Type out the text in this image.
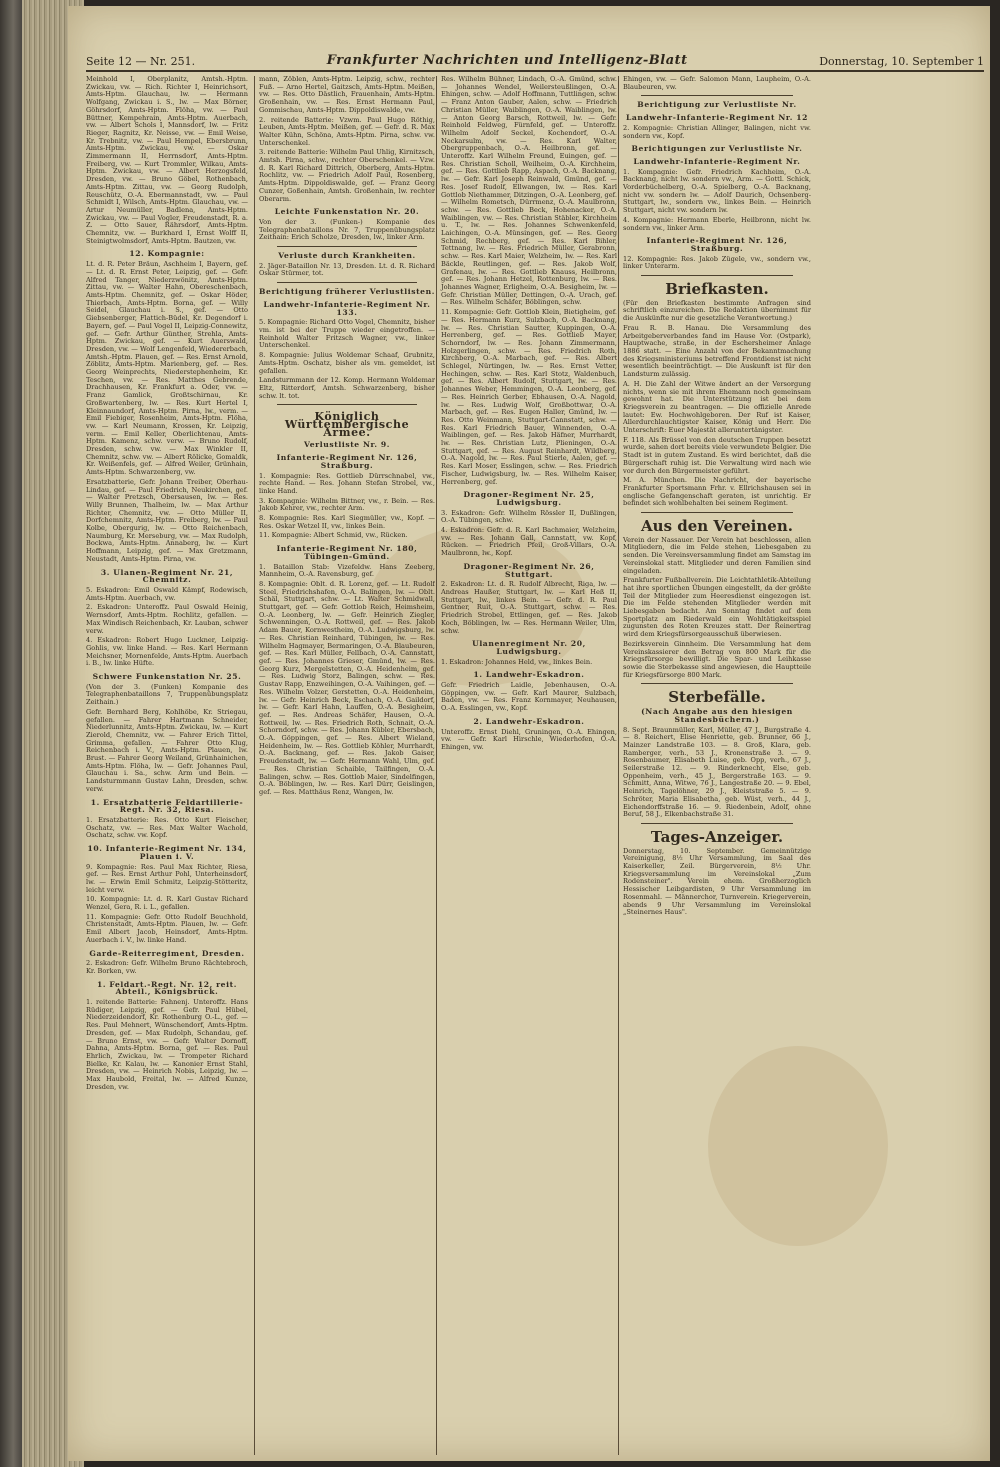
Seite 12 — Nr. 251.	Frankfurter Nachrichten und Intelligenz-Blatt	Donnerstag, 10. September 1

Meinhold I, Oberplanitz, Amtsh.-Hptm. Zwickau, vw. — Rich. Richter I, Heinrichsort, Amts-Hptm. Glauchau, lw. — Hermann Wolfgang, Zwickau i. S., lw. — Max Börner, Göhrsdorf, Amts-Hptm. Flöha, vw. — Paul Büttner, Kempehrain, Amts-Hptm. Auerbach, vw. — Albert Schols I, Mannsdorf, lw. — Fritz Rieger, Ragnitz, Kr. Neisse, vw. — Emil Weise, Kr. Trebnitz, vw. — Paul Hempel, Ebersbrunn, Amts-Hptm. Zwickau, vw. — Oskar Zimmermann II, Herrnsdorf, Amts-Hptm. Freiberg, vw. — Kurt Trommler, Wilkau, Amts-Hptm. Zwickau, vw. — Albert Herzogsfeld, Dresden, vw. — Bruno Göbel, Rothenbach, Amts-Hptm. Zittau, vw. — Georg Rudolph, Reuschütz, O.-A. Ebermannstadt, vw. — Paul Schmidt I, Wilsch, Amts-Hptm. Glauchau, vw. — Artur Neumüller, Badlena, Amts-Hptm. Zwickau, vw. — Paul Vogler, Freudenstadt, R. a. Z. — Otto Sauer, Rährsdorf, Amts-Hptm. Chemnitz, vw. — Burkhard I, Ernst Wolff II, Steinigtwolmsdorf, Amts-Hptm. Bautzen, vw.

12. Kompagnie:

Lt. d. R. Peter Bräun, Aschheim I, Bayern, gef. — Lt. d. R. Ernst Peter, Leipzig, gef. — Gefr. Alfred Tanger, Niederzwönitz, Amts-Hptm. Zittau, vw. — Walter Hahn, Obereschenbach, Amts-Hptm. Chemnitz, gef. — Oskar Höder, Thierbach, Amts-Hptm. Borna, gef. — Willy Seidel, Glauchau i. S., gef. — Otto Giebsenberger, Flattich-Büdel, Kr. Degendorf i. Bayern, gef. — Paul Vogel II, Leipzig-Connewitz, gef. — Gefr. Arthur Günther, Strehla, Amts-Hptm. Zwickau, gef. — Kurt Auerswald, Dresden, vw. — Wolf Lengenfeld, Wiedererbach, Amtsh.-Hptm. Plauen, gef. — Res. Ernst Arnold, Zöblitz, Amts-Hptm. Marienberg, gef. — Res. Georg Weinprechts, Niederstephenheim, Kr. Teschen, vw. — Res. Matthes Gebrende, Drachhausen, Kr. Frankfurt a. Oder, vw. — Franz Gamlick, Großtschirnau, Kr. Großwartenberg, lw. — Res. Kurt Hertel I, Kleinnaundorf, Amts-Hptm. Pirna, lw., verm. — Emil Fiebiger, Rosenheim, Amts-Hptm. Flöha, vw. — Karl Neumann, Krossen, Kr. Leipzig, verm. — Emil Keller, Oberlichtenau, Amts-Hptm. Kamenz, schw. verw. — Bruno Rudolf, Dresden, schw. vw. — Max Winkler II, Chemnitz, schw. vw. — Albert Rölicke, Gomaldk, Kr. Weißenfels, gef. — Alfred Weiler, Grünhain, Amts-Hptm. Schwarzenberg, vw.

Ersatzbatterie, Gefr. Johann Treiber, Oberhau-Lindau, gef. — Paul Friedrich, Neukirchen, gef. — Walter Pretzsch, Obersausen, lw. — Res. Willy Brunnen, Thalheim, lw. — Max Arthur Richter, Chemnitz, vw. — Otto Müller II, Dorfchemnitz, Amts-Hptm. Freiberg, lw. — Paul Kolbe, Obergurig, lw. — Otto Reichenbach, Naumburg, Kr. Merseburg, vw. — Max Rudolph, Bockwa, Amts-Hptm. Annaberg, lw. — Kurt Hoffmann, Leipzig, gef. — Max Gretzmann, Neustadt, Amts-Hptm. Pirna, vw.

3. Ulanen-Regiment Nr. 21, Chemnitz.

5. Eskadron: Emil Oswald Kämpf, Rodewisch, Amts-Hptm. Auerbach, vw.

2. Eskadron: Unteroffz. Paul Oswald Heinig, Wernsdorf, Amts-Hptm. Rochlitz, gefallen. — Max Windisch Reichenbach, Kr. Lauban, schwer verw.

4. Eskadron: Robert Hugo Luckner, Leipzig-Gohlis, vw. linke Hand. — Res. Karl Hermann Meichsner, Mornenfelde, Amts-Hptm. Auerbach i. B., lw. linke Hüfte.

Schwere Funkenstation Nr. 25.

(Von der 3. (Funken) Kompanie des Telegraphenbataillons 7, Truppenübungsplatz Zeithain.)

Gefr. Bernhard Berg, Kohlhöbe, Kr. Striegau, gefallen. — Fahrer Hartmann Schneider, Niederlunnitz, Amts-Hptm. Zwickau, lw. — Kurt Zierold, Chemnitz, vw. — Fahrer Erich Tittel, Grimma, gefallen. — Fahrer Otto Klug, Reichenbach i. V., Amts-Hptm. Plauen, lw. Brust. — Fahrer Georg Weiland, Grünhainichen, Amts-Hptm. Flöha, lw. — Gefr. Johannes Paul, Glauchau i. Sa., schw. Arm und Bein. — Landsturmmann Gustav Lahn, Dresden, schw. verw.

1. Ersatzbatterie Feldartillerie-Regt. Nr. 32, Riesa.

1. Ersatzbatterie: Res. Otto Kurt Fleischer, Oschatz, vw. — Res. Max Walter Wachold, Oschatz, schw. vw. Kopf.

10. Infanterie-Regiment Nr. 134, Plauen i. V.

9. Kompagnie: Res. Paul Max Richter, Riesa, gef. — Res. Ernst Arthur Pohl, Unterheinsdorf, lw. — Erwin Emil Schmitz, Leipzig-Stötteritz, leicht verw.

10. Kompagnie: Lt. d. R. Karl Gustav Richard Wenzel, Gera, R. i. L., gefallen.

11. Kompagnie: Gefr. Otto Rudolf Beuchhold, Christenstadt, Amts-Hptm. Plauen, lw. — Gefr. Emil Albert Jacob, Heinsdorf, Amts-Hptm. Auerbach i. V., lw. linke Hand.

Garde-Reiterregiment, Dresden.

2. Eskadron: Gefr. Wilhelm Bruno Rächtebroch, Kr. Borken, vw.

1. Feldart.-Regt. Nr. 12, reit. Abteil., Königsbrück.

1. reitende Batterie: Fahnenj. Unteroffz. Hans Rüdiger, Leipzig, gef. — Gefr. Paul Hübel, Niederzeidendorf, Kr. Rothenburg O.-L., gef. — Res. Paul Mehnert, Wünschendorf, Amts-Hptm. Dresden, gef. — Max Rudolph, Schandau, gef. — Bruno Ernst, vw. — Gefr. Walter Dornoff, Dahna, Amts-Hptm. Borna, gef. — Res. Paul Ehrlich, Zwickau, lw. — Trompeter Richard Bielke, Kr. Kalau, lw. — Kanonier Ernst Stahl, Dresden, vw. — Heinrich Nobis, Leipzig, lw. — Max Haubold, Freital, lw. — Alfred Kunze, Dresden, vw.

mann, Zöblen, Amts-Hptm. Leipzig, schw., rechter Fuß. — Arno Hertel, Gaitzsch, Amts-Hptm. Meißen, vw. — Res. Otto Dästlich, Frauenhain, Amts-Hptm. Großenhain, vw. — Res. Ernst Hermann Paul, Gommischau, Amts-Hptm. Dippoldiswalde, vw.

2. reitende Batterie: Vzwm. Paul Hugo Röthig, Leuben, Amts-Hptm. Meißen, gef. — Gefr. d. R. Max Walter Kühn, Schöna, Amts-Hptm. Pirna, schw. vw. Unterschenkel.

3. reitende Batterie: Wilhelm Paul Uhlig, Kirnitzsch, Amtsh. Pirna, schw., rechter Oberschenkel. — Vzw. d. R. Karl Richard Dittrich, Oberberg, Amts-Hptm. Rochlitz, vw. — Friedrich Adolf Paul, Rosenberg, Amts-Hptm. Dippoldiswalde, gef. — Franz Georg Cunzer, Goßenhain, Amtsh. Großenhain, lw. rechter Oberarm.

Leichte Funkenstation Nr. 20.

Von der 3. (Funken-) Kompanie des Telegraphenbataillons Nr. 7, Truppenübungsplatz Zeithain: Erich Scholze, Dresden, lw., linker Arm.

Verluste durch Krankheiten.

2. Jäger-Bataillon Nr. 13, Dresden. Lt. d. R. Richard Oskar Stürmer, tot.

Berichtigung früherer Verlustlisten.
Landwehr-Infanterie-Regiment Nr. 133.

5. Kompagnie: Richard Otto Vogel, Chemnitz, bisher vm. ist bei der Truppe wieder eingetroffen. — Reinhold Walter Fritzsch Wagner, vw., linker Unterschenkel.

8. Kompagnie: Julius Woldemar Schaaf, Grubnitz, Amts-Hptm. Oschatz, bisher als vm. gemeldet, ist gefallen.

Landsturmmann der 12. Komp. Hermann Woldemar Eltz, Ritterdorf, Amtsh. Schwarzenberg, bisher schw. lt. tot.

Königlich Württembergische Armee.
Verlustliste Nr. 9.
Infanterie-Regiment Nr. 126, Straßburg.

1. Kompagnie: Res. Gottlieb Dürrschnabel, vw., rechte Hand. — Res. Johann Stefan Strobel, vw., linke Hand.

3. Kompagnie: Wilhelm Bittner, vw., r. Bein. — Res. Jakob Kehrer, vw., rechter Arm.

8. Kompagnie: Res. Karl Siegmüller, vw., Kopf. — Res. Oskar Wetzel II, vw., linkes Bein.

11. Kompagnie: Albert Schmid, vw., Rücken.

Infanterie-Regiment Nr. 180, Tübingen-Gmünd.

1. Bataillon Stab: Vizefeldw. Hans Zeeberg, Mannheim, O.-A. Ravensburg, gef.

8. Kompagnie: Oblt. d. R. Lorenz, gef. — Lt. Rudolf Steel, Friedrichshafen, O.-A. Balingen, lw. — Oblt. Schäl, Stuttgart, schw. — Lt. Walter Schmidwall, Stuttgart, gef. — Gefr. Gottlob Reich, Heimsheim, O.-A. Leonberg, lw. — Gefr. Heinrich Ziegler, Schwenningen, O.-A. Rottweil, gef. — Res. Jakob Adam Bauer, Kornwestheim, O.-A. Ludwigsburg, lw. — Res. Christian Reinhard, Tübingen, lw. — Res. Wilhelm Hagmayer, Bermaringen, O.-A. Blaubeuren, gef. — Res. Karl Müller, Fellbach, O.-A. Cannstatt, gef. — Res. Johannes Grieser, Gmünd, lw. — Res. Georg Kurz, Mergelstetten, O.-A. Heidenheim, gef. — Res. Ludwig Storz, Balingen, schw. — Res. Gustav Rapp, Enzweihingen, O.-A. Vaihingen, gef. — Res. Wilhelm Volzer, Gerstetten, O.-A. Heidenheim, lw. — Gefr. Heinrich Beck, Eschach, O.-A. Gaildorf, lw. — Gefr. Karl Hahn, Lauffen, O.-A. Besigheim, gef. — Res. Andreas Schäfer, Hausen, O.-A. Rottweil, lw. — Res. Friedrich Roth, Schnait, O.-A. Schorndorf, schw. — Res. Johann Kübler, Ebersbach, O.-A. Göppingen, gef. — Res. Albert Wieland, Heidenheim, lw. — Res. Gottlieb Köhler, Murrhardt, O.-A. Backnang, gef. — Res. Jakob Gaiser, Freudenstadt, lw. — Gefr. Hermann Wahl, Ulm, gef. — Res. Christian Schaible, Tailfingen, O.-A. Balingen, schw. — Res. Gottlob Maier, Sindelfingen, O.-A. Böblingen, lw. — Res. Karl Dürr, Geislingen, gef. — Res. Matthäus Renz, Wangen, lw.

Res. Wilhelm Bühner, Lindach, O.-A. Gmünd, schw. — Johannes Wendel, Weilersteußlingen, O.-A. Ehingen, schw. — Adolf Hoffmann, Tuttlingen, schw. — Franz Anton Gauber, Aalen, schw. — Friedrich Christian Müller, Waiblingen, O.-A. Waiblingen, lw. — Anton Georg Barsch, Rottweil, lw. — Gefr. Reinhold Feldweg, Fürnfeld, gef. — Unteroffz. Wilhelm Adolf Seckel, Kochendorf, O.-A. Neckarsulm, vw. — Res. Karl Walter, Obergruppenbach, O.-A. Heilbronn, gef. — Unteroffz. Karl Wilhelm Freund, Euingen, gef. — Res. Christian Scholl, Weilheim, O.-A. Kirchheim, gef. — Res. Gottlieb Rapp, Aspach, O.-A. Backnang, lw. — Gefr. Karl Joseph Reinwald, Gmünd, gef. — Res. Josef Rudolf, Ellwangen, lw. — Res. Karl Gottlob Niethammer, Ditzingen, O.-A. Leonberg, gef. — Wilhelm Rometsch, Dürrmenz, O.-A. Maulbronn, schw. — Res. Gottlieb Beck, Hohenacker, O.-A. Waiblingen, vw. — Res. Christian Stäbler, Kirchheim u. T., lw. — Res. Johannes Schwenkenfeld, Laichingen, O.-A. Münsingen, gef. — Res. Georg Schmid, Rechberg, gef. — Res. Karl Bihler, Tettnang, lw. — Res. Friedrich Müller, Gerabronn, schw. — Res. Karl Maier, Welzheim, lw. — Res. Karl Bäckle, Reutlingen, gef. — Res. Jakob Wolf, Grafenau, lw. — Res. Gottlieb Knauss, Heilbronn, gef. — Res. Johann Hetzel, Rottenburg, lw. — Res. Johannes Wagner, Erligheim, O.-A. Besigheim, lw. — Gefr. Christian Müller, Dettingen, O.-A. Urach, gef. — Res. Wilhelm Schäfer, Böblingen, schw.

11. Kompagnie: Gefr. Gottlob Klein, Bietigheim, gef. — Res. Hermann Kurz, Sulzbach, O.-A. Backnang, lw. — Res. Christian Sautter, Kuppingen, O.-A. Herrenberg, gef. — Res. Gottlieb Mayer, Schorndorf, lw. — Res. Johann Zimmermann, Holzgerlingen, schw. — Res. Friedrich Roth, Kirchberg, O.-A. Marbach, gef. — Res. Albert Schlegel, Nürtingen, lw. — Res. Ernst Vetter, Hechingen, schw. — Res. Karl Stotz, Waldenbuch, gef. — Res. Albert Rudolf, Stuttgart, lw. — Res. Johannes Weber, Hemmingen, O.-A. Leonberg, gef. — Res. Heinrich Gerber, Ebhausen, O.-A. Nagold, lw. — Res. Ludwig Wolf, Großbottwar, O.-A. Marbach, gef. — Res. Eugen Haller, Gmünd, lw. — Res. Otto Weinmann, Stuttgart-Cannstatt, schw. — Res. Karl Friedrich Bauer, Winnenden, O.-A. Waiblingen, gef. — Res. Jakob Häfner, Murrhardt, lw. — Res. Christian Lutz, Plieningen, O.-A. Stuttgart, gef. — Res. August Reinhardt, Wildberg, O.-A. Nagold, lw. — Res. Paul Stierle, Aalen, gef. — Res. Karl Moser, Esslingen, schw. — Res. Friedrich Fischer, Ludwigsburg, lw. — Res. Wilhelm Kaiser, Herrenberg, gef.

Dragoner-Regiment Nr. 25, Ludwigsburg.

3. Eskadron: Gefr. Wilhelm Rössler II, Dußlingen, O.-A. Tübingen, schw.

4. Eskadron: Gefr. d. R. Karl Bachmaier, Welzheim, vw. — Res. Johann Gall, Cannstatt, vw. Kopf, Rücken. — Friedrich Pfeil, Groß-Villars, O.-A. Maulbronn, lw., Kopf.

Dragoner-Regiment Nr. 26, Stuttgart.

2. Eskadron: Lt. d. R. Rudolf Albrecht, Riga, lw. — Andreas Haußer, Stuttgart, lw. — Karl Heß II, Stuttgart, lw., linkes Bein. — Gefr. d. R. Paul Gentner, Ruit, O.-A. Stuttgart, schw. — Res. Friedrich Strobel, Ettlingen, gef. — Res. Jakob Koch, Böblingen, lw. — Res. Hermann Weiler, Ulm, schw.

Ulanenregiment Nr. 20, Ludwigsburg.

1. Eskadron: Johannes Held, vw., linkes Bein.

1. Landwehr-Eskadron.

Gefr. Friedrich Laidle, Jebenhausen, O.-A. Göppingen, vw. — Gefr. Karl Maurer, Sulzbach, Baden, vw. — Res. Franz Kornmayer, Neuhausen, O.-A. Esslingen, vw., Kopf.

2. Landwehr-Eskadron.

Unteroffz. Ernst Diehl, Gruningen, O.-A. Ehingen, vw. — Gefr. Karl Hirschle, Wiederhofen, O.-A. Ehingen, vw.

Ehingen, vw. — Gefr. Salomon Mann, Laupheim, O.-A. Blaubeuren, vw.

Berichtigung zur Verlustliste Nr.
Landwehr-Infanterie-Regiment Nr. 12

2. Kompagnie: Christian Allinger, Balingen, nicht vw. sondern vw., Kopf.

Berichtigungen zur Verlustliste Nr.
Landwehr-Infanterie-Regiment Nr.

1. Kompagnie: Gefr. Friedrich Kachheim, O.-A. Backnang, nicht lw. sondern vw., Arm. — Gottl. Schick, Vorderbüchelberg, O.-A. Spielberg, O.-A. Backnang, nicht vw. sondern lw. — Adolf Daurich, Ochsenberg-Stuttgart, lw., sondern vw., linkes Bein. — Heinrich Stuttgart, nicht vw. sondern lw.

4. Kompagnie: Hermann Eberle, Heilbronn, nicht lw. sondern vw., linker Arm.

Infanterie-Regiment Nr. 126, Straßburg.

12. Kompagnie: Res. Jakob Zügele, vw., sondern vw., linker Unterarm.

Briefkasten.

(Für den Briefkasten bestimmte Anfragen sind schriftlich einzureichen. Die Redaktion übernimmt für die Auskünfte nur die gesetzliche Verantwortung.)

Frau R. B. Hanau. Die Versammlung des Arbeitgeberverbandes fand im Hause Vor. (Ostpark), Hauptwache, straße, in der Eschersheimer Anlage 1886 statt. — Eine Anzahl von der Bekanntmachung des Kriegsministeriums betreffend Frontdienst ist nicht wesentlich beeinträchtigt. — Die Auskunft ist für den Landsturm zulässig.

A. H. Die Zahl der Witwe ändert an der Versorgung nichts, wenn sie mit ihrem Ehemann noch gemeinsam gewohnt hat. Die Unterstützung ist bei dem Kriegsverein zu beantragen. — Die offizielle Anrede lautet: Ew. Hochwohlgeboren. Der Ruf ist Kaiser, Allerdurchlauchtigster Kaiser, König und Herr. Die Unterschrift: Euer Majestät alleruntertänigster.

F. 118. Als Brüssel von den deutschen Truppen besetzt wurde, sahen dort bereits viele verwundete Belgier. Die Stadt ist in gutem Zustand. Es wird berichtet, daß die Bürgerschaft ruhig ist. Die Verwaltung wird nach wie vor durch den Bürgermeister geführt.

M. A. München. Die Nachricht, der bayerische Frankfurter Sportsmann Frhr. v. Ellrichshausen sei in englische Gefangenschaft geraten, ist unrichtig. Er befindet sich wohlbehalten bei seinem Regiment.

Aus den Vereinen.

Verein der Nassauer. Der Verein hat beschlossen, allen Mitgliedern, die im Felde stehen, Liebesgaben zu senden. Die Vereinsversammlung findet am Samstag im Vereinslokal statt. Mitglieder und deren Familien sind eingeladen.

Frankfurter Fußballverein. Die Leichtathletik-Abteilung hat ihre sportlichen Übungen eingestellt, da der größte Teil der Mitglieder zum Heeresdienst eingezogen ist. Die im Felde stehenden Mitglieder werden mit Liebesgaben bedacht. Am Sonntag findet auf dem Sportplatz am Riederwald ein Wohltätigkeitsspiel zugunsten des Roten Kreuzes statt. Der Reinertrag wird dem Kriegsfürsorgeausschuß überwiesen.

Bezirksverein Ginnheim. Die Versammlung hat dem Vereinskassierer den Betrag von 800 Mark für die Kriegsfürsorge bewilligt. Die Spar- und Leihkasse sowie die Sterbekasse sind angewiesen, die Hauptteile für Kriegsfürsorge 800 Mark.

Sterbefälle.
(Nach Angabe aus den hiesigen Standesbüchern.)

8. Sept. Braunmüller, Karl, Müller, 47 J., Burgstraße 4. — 8. Reichert, Elise Henriette, geb. Brunner, 66 J., Mainzer Landstraße 103. — 8. Groß, Klara, geb. Ramberger, verh., 53 J., Kronenstraße 3. — 9. Rosenbaumer, Elisabeth Luise, geb. Opp, verh., 67 J., Seilerstraße 12. — 9. Rinderknecht, Else, geb. Oppenheim, verh., 45 J., Bergerstraße 163. — 9. Schmitt, Anna, Witwe, 76 J., Langestraße 20. — 9. Ebel, Heinrich, Tagelöhner, 29 J., Kleiststraße 5. — 9. Schröter, Maria Elisabetha, geb. Wüst, verh., 44 J., Eichendorffstraße 16. — 9. Riedenbein, Adolf, ohne Beruf, 58 J., Elkenbachstraße 31.

Tages-Anzeiger.

Donnerstag, 10. September. Gemeinnützige Vereinigung, 8½ Uhr Versammlung, im Saal des Kaiserkeller, Zeil. Bürgerverein, 8½ Uhr. Kriegsversammlung im Vereinslokal „Zum Rodensteiner". Verein ehem. Großherzoglich Hessischer Leibgardisten, 9 Uhr Versammlung im Rosenmahl. — Männerchor, Turnverein. Kriegerverein, abends 9 Uhr Versammlung im Vereinslokal „Steinernes Haus".
